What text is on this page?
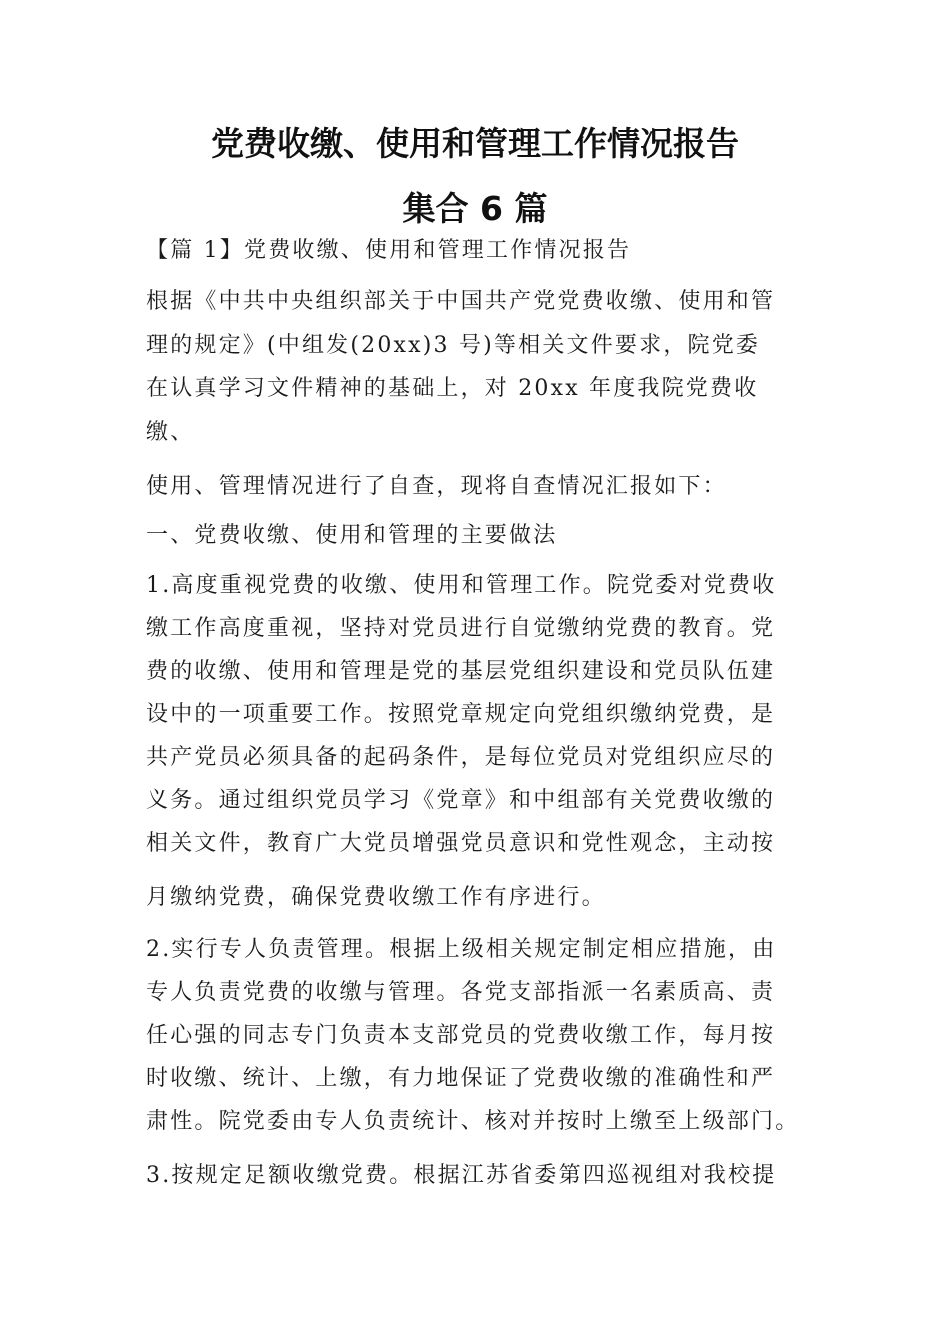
党费收缴、使用和管理工作情况报告
集合 6 篇
【篇 1】党费收缴、使用和管理工作情况报告
根据《中共中央组织部关于中国共产党党费收缴、使用和管
理的规定》(中组发(20xx)3 号)等相关文件要求，院党委
在认真学习文件精神的基础上，对 20xx 年度我院党费收
缴、
使用、管理情况进行了自查，现将自查情况汇报如下：
一、党费收缴、使用和管理的主要做法
1.高度重视党费的收缴、使用和管理工作。院党委对党费收
缴工作高度重视，坚持对党员进行自觉缴纳党费的教育。党
费的收缴、使用和管理是党的基层党组织建设和党员队伍建
设中的一项重要工作。按照党章规定向党组织缴纳党费，是
共产党员必须具备的起码条件，是每位党员对党组织应尽的
义务。通过组织党员学习《党章》和中组部有关党费收缴的
相关文件，教育广大党员增强党员意识和党性观念，主动按
月缴纳党费，确保党费收缴工作有序进行。
2.实行专人负责管理。根据上级相关规定制定相应措施，由
专人负责党费的收缴与管理。各党支部指派一名素质高、责
任心强的同志专门负责本支部党员的党费收缴工作，每月按
时收缴、统计、上缴，有力地保证了党费收缴的准确性和严
肃性。院党委由专人负责统计、核对并按时上缴至上级部门。
3.按规定足额收缴党费。根据江苏省委第四巡视组对我校提
